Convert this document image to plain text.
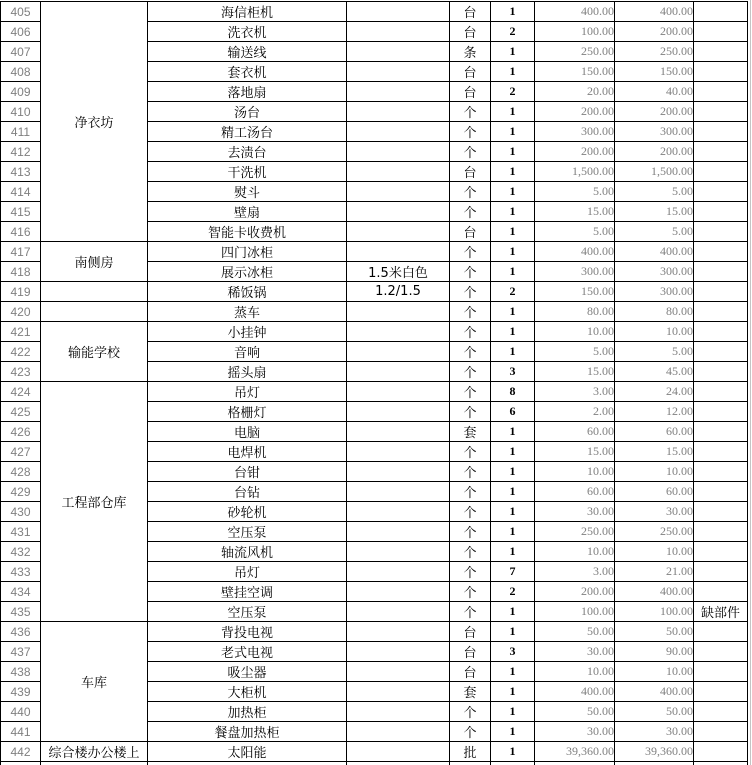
405	净衣坊	海信柜机		台	1	400.00	400.00	
406		洗衣机		台	2	100.00	200.00	
407		输送线		条	1	250.00	250.00	
408		套衣机		台	1	150.00	150.00	
409		落地扇		台	2	20.00	40.00	
410		汤台		个	1	200.00	200.00	
411		精工汤台		个	1	300.00	300.00	
412		去渍台		个	1	200.00	200.00	
413		干洗机		台	1	1,500.00	1,500.00	
414		熨斗		个	1	5.00	5.00	
415		壁扇		个	1	15.00	15.00	
416		智能卡收费机		台	1	5.00	5.00	
417	南侧房	四门冰柜		个	1	400.00	400.00	
418		展示冰柜	1.5米白色	个	1	300.00	300.00	
419		稀饭锅	1.2/1.5	个	2	150.00	300.00	
420		蒸车		个	1	80.00	80.00	
421	输能学校	小挂钟		个	1	10.00	10.00	
422		音响		个	1	5.00	5.00	
423		摇头扇		个	3	15.00	45.00	
424	工程部仓库	吊灯		个	8	3.00	24.00	
425		格栅灯		个	6	2.00	12.00	
426		电脑		套	1	60.00	60.00	
427		电焊机		个	1	15.00	15.00	
428		台钳		个	1	10.00	10.00	
429		台钻		个	1	60.00	60.00	
430		砂轮机		个	1	30.00	30.00	
431		空压泵		个	1	250.00	250.00	
432		轴流风机		个	1	10.00	10.00	
433		吊灯		个	7	3.00	21.00	
434		壁挂空调		个	2	200.00	400.00	
435		空压泵		个	1	100.00	100.00	缺部件
436	车库	背投电视		台	1	50.00	50.00	
437		老式电视		台	3	30.00	90.00	
438		吸尘器		台	1	10.00	10.00	
439		大柜机		套	1	400.00	400.00	
440		加热柜		个	1	50.00	50.00	
441		餐盘加热柜		个	1	30.00	30.00	
442	综合楼办公楼上	太阳能		批	1	39,360.00	39,360.00	
